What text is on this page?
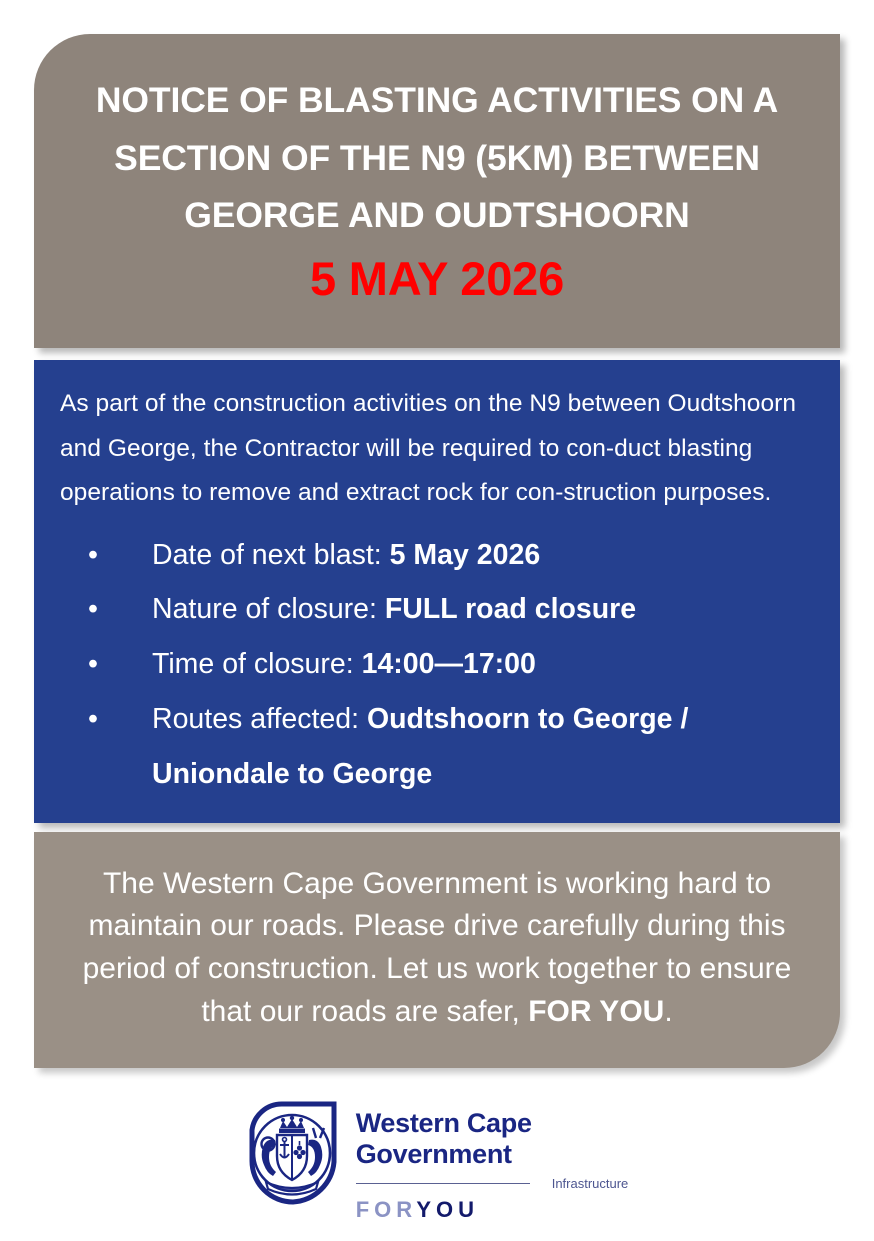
NOTICE OF BLASTING ACTIVITIES ON A SECTION OF THE N9 (5KM) BETWEEN GEORGE AND OUDTSHOORN
5 MAY 2026

As part of the construction activities on the N9 between Oudtshoorn and George, the Contractor will be required to con‐duct blasting operations to remove and extract rock for con‐struction purposes.

• Date of next blast: 5 May 2026
• Nature of closure: FULL road closure
• Time of closure: 14:00—17:00
• Routes affected: Oudtshoorn to George / Uniondale to George
The Western Cape Government is working hard to maintain our roads. Please drive carefully during this period of construction. Let us work together to ensure that our roads are safer, FOR YOU.
Western Cape
Government
Infrastructure
FORYOU
